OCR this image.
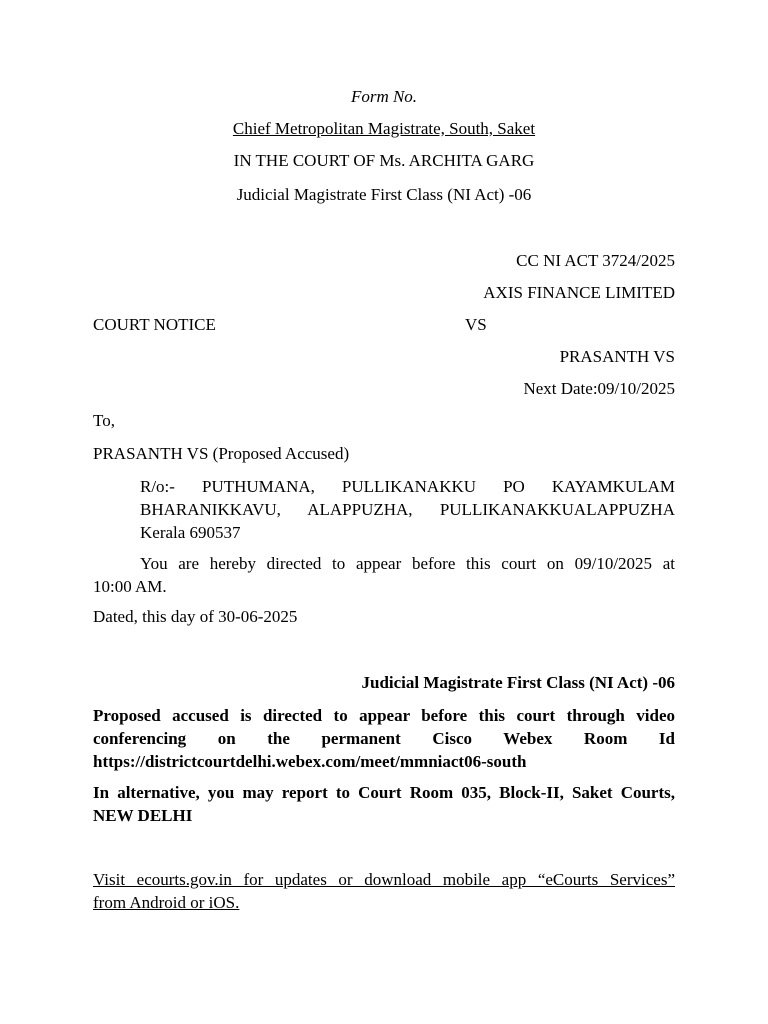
Form No.
Chief Metropolitan Magistrate, South, Saket
IN THE COURT OF Ms. ARCHITA GARG
Judicial Magistrate First Class (NI Act) -06
CC NI ACT 3724/2025
AXIS FINANCE LIMITED
COURT NOTICE	VS
PRASANTH VS
Next Date:09/10/2025
To,
PRASANTH VS (Proposed Accused)
R/o:- PUTHUMANA, PULLIKANAKKU PO KAYAMKULAM
BHARANIKKAVU, ALAPPUZHA, PULLIKANAKKUALAPPUZHA
Kerala 690537
You are hereby directed to appear before this court on 09/10/2025 at
10:00 AM.
Dated, this day of 30-06-2025
Judicial Magistrate First Class (NI Act) -06
Proposed accused is directed to appear before this court through video
conferencing on the permanent Cisco Webex Room Id
https://districtcourtdelhi.webex.com/meet/mmniact06-south
In alternative, you may report to Court Room 035, Block-II, Saket Courts,
NEW DELHI
Visit ecourts.gov.in for updates or download mobile app “eCourts Services”
from Android or iOS.
